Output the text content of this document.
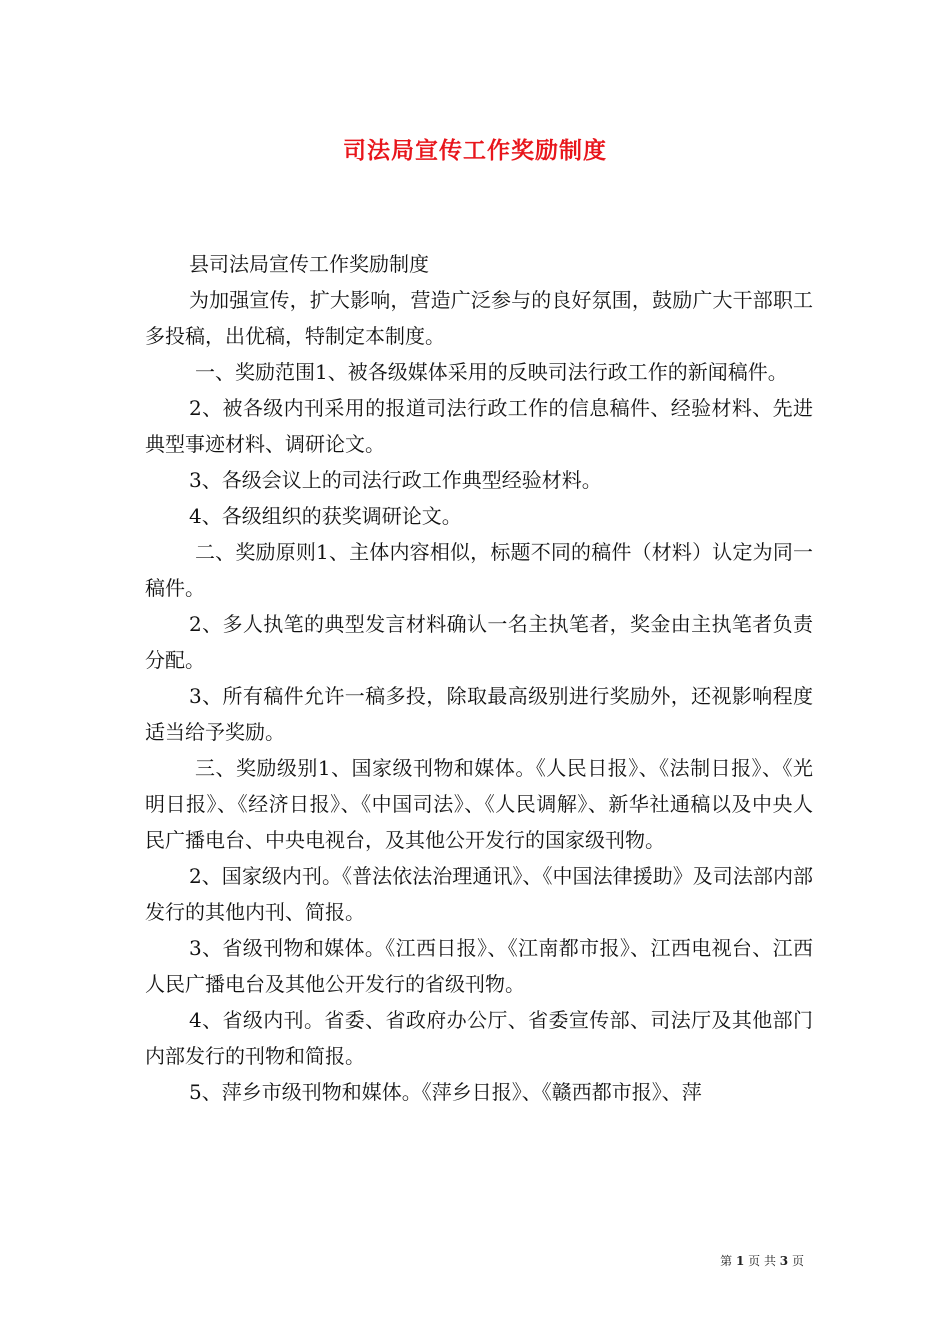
司法局宣传工作奖励制度

县司法局宣传工作奖励制度

为加强宣传，扩大影响，营造广泛参与的良好氛围，鼓励广大干部职工多投稿，出优稿，特制定本制度。

一、奖励范围1、被各级媒体采用的反映司法行政工作的新闻稿件。

2、被各级内刊采用的报道司法行政工作的信息稿件、经验材料、先进典型事迹材料、调研论文。

3、各级会议上的司法行政工作典型经验材料。

4、各级组织的获奖调研论文。

二、奖励原则1、主体内容相似，标题不同的稿件（材料）认定为同一稿件。

2、多人执笔的典型发言材料确认一名主执笔者，奖金由主执笔者负责分配。

3、所有稿件允许一稿多投，除取最高级别进行奖励外，还视影响程度适当给予奖励。

三、奖励级别1、国家级刊物和媒体。《人民日报》、《法制日报》、《光明日报》、《经济日报》、《中国司法》、《人民调解》、新华社通稿以及中央人民广播电台、中央电视台，及其他公开发行的国家级刊物。

2、国家级内刊。《普法依法治理通讯》、《中国法律援助》及司法部内部发行的其他内刊、简报。

3、省级刊物和媒体。《江西日报》、《江南都市报》、江西电视台、江西人民广播电台及其他公开发行的省级刊物。

4、省级内刊。省委、省政府办公厅、省委宣传部、司法厅及其他部门内部发行的刊物和简报。

5、萍乡市级刊物和媒体。《萍乡日报》、《赣西都市报》、萍

第 1 页 共 3 页
